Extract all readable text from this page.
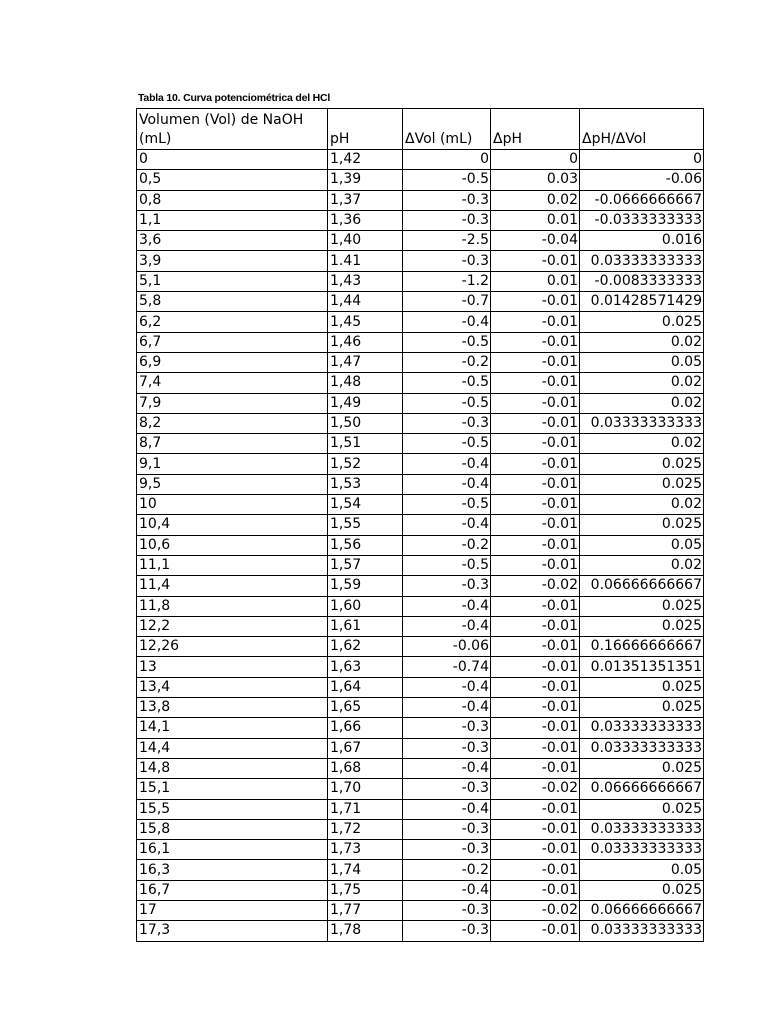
Tabla 10. Curva potenciométrica del HCl
Volumen (Vol) de NaOH (mL)	pH	ΔVol (mL)	ΔpH	ΔpH/ΔVol
0	1,42	0	0	0
0,5	1,39	-0.5	0.03	-0.06
0,8	1,37	-0.3	0.02	-0.0666666667
1,1	1,36	-0.3	0.01	-0.0333333333
3,6	1,40	-2.5	-0.04	0.016
3,9	1.41	-0.3	-0.01	0.03333333333
5,1	1,43	-1.2	0.01	-0.0083333333
5,8	1,44	-0.7	-0.01	0.01428571429
6,2	1,45	-0.4	-0.01	0.025
6,7	1,46	-0.5	-0.01	0.02
6,9	1,47	-0.2	-0.01	0.05
7,4	1,48	-0.5	-0.01	0.02
7,9	1,49	-0.5	-0.01	0.02
8,2	1,50	-0.3	-0.01	0.03333333333
8,7	1,51	-0.5	-0.01	0.02
9,1	1,52	-0.4	-0.01	0.025
9,5	1,53	-0.4	-0.01	0.025
10	1,54	-0.5	-0.01	0.02
10,4	1,55	-0.4	-0.01	0.025
10,6	1,56	-0.2	-0.01	0.05
11,1	1,57	-0.5	-0.01	0.02
11,4	1,59	-0.3	-0.02	0.06666666667
11,8	1,60	-0.4	-0.01	0.025
12,2	1,61	-0.4	-0.01	0.025
12,26	1,62	-0.06	-0.01	0.16666666667
13	1,63	-0.74	-0.01	0.01351351351
13,4	1,64	-0.4	-0.01	0.025
13,8	1,65	-0.4	-0.01	0.025
14,1	1,66	-0.3	-0.01	0.03333333333
14,4	1,67	-0.3	-0.01	0.03333333333
14,8	1,68	-0.4	-0.01	0.025
15,1	1,70	-0.3	-0.02	0.06666666667
15,5	1,71	-0.4	-0.01	0.025
15,8	1,72	-0.3	-0.01	0.03333333333
16,1	1,73	-0.3	-0.01	0.03333333333
16,3	1,74	-0.2	-0.01	0.05
16,7	1,75	-0.4	-0.01	0.025
17	1,77	-0.3	-0.02	0.06666666667
17,3	1,78	-0.3	-0.01	0.03333333333
